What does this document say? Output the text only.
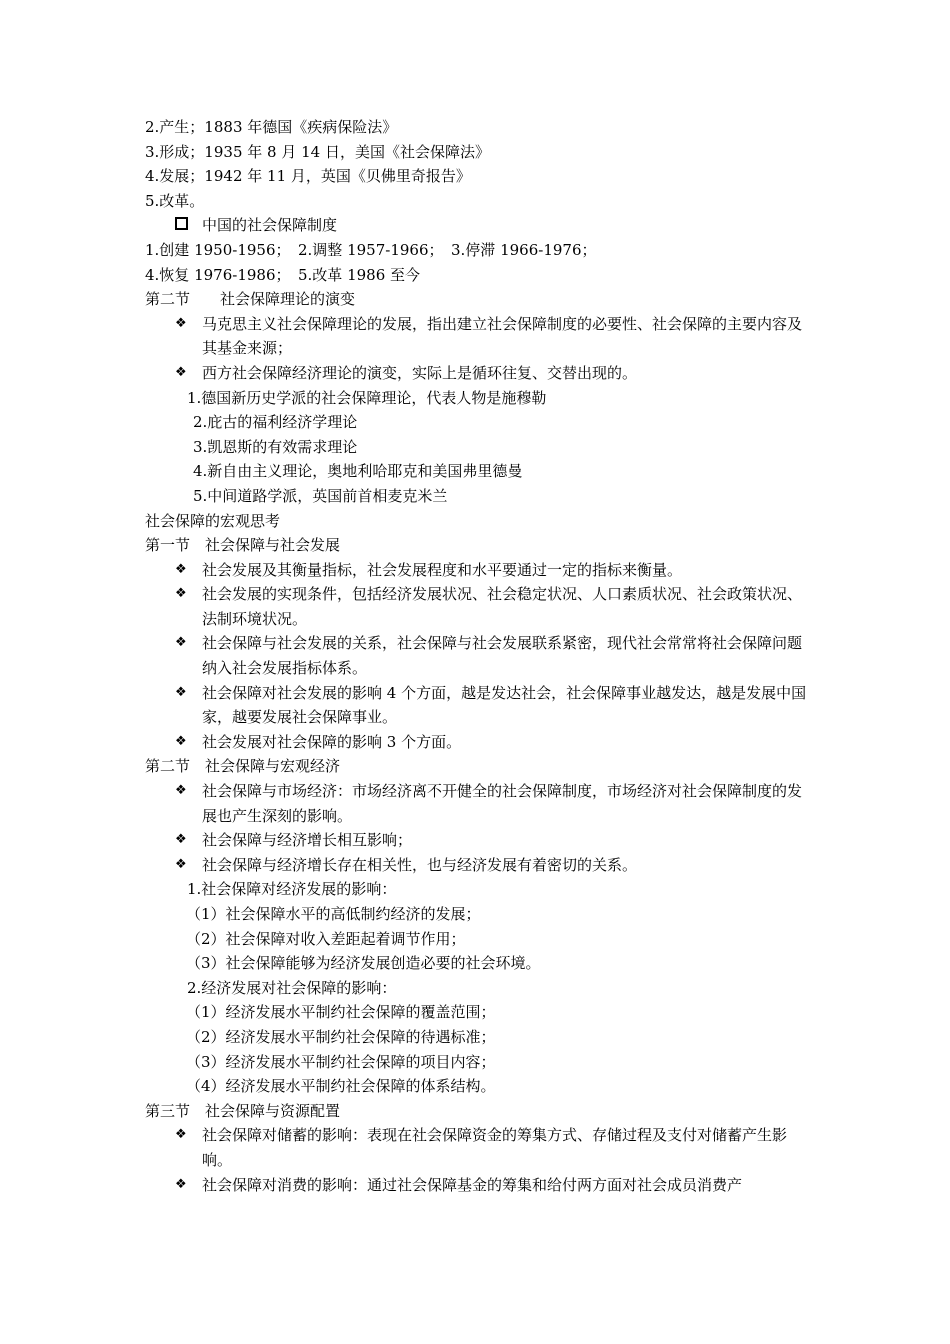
2.产生；1883 年德国《疾病保险法》
3.形成；1935 年 8 月 14 日，美国《社会保障法》
4.发展；1942 年 11 月，英国《贝佛里奇报告》
5.改革。
中国的社会保障制度
1.创建 1950-1956；　2.调整 1957-1966；　3.停滞 1966-1976；
4.恢复 1976-1986；　5.改革 1986 至今
第二节　　社会保障理论的演变
❖ 马克思主义社会保障理论的发展，指出建立社会保障制度的必要性、社会保障的主要内容及其基金来源；
❖ 西方社会保障经济理论的演变，实际上是循环往复、交替出现的。
1.德国新历史学派的社会保障理论，代表人物是施穆勒
2.庇古的福利经济学理论
3.凯恩斯的有效需求理论
4.新自由主义理论，奥地利哈耶克和美国弗里德曼
5.中间道路学派，英国前首相麦克米兰
社会保障的宏观思考
第一节　社会保障与社会发展
❖ 社会发展及其衡量指标，社会发展程度和水平要通过一定的指标来衡量。
❖ 社会发展的实现条件，包括经济发展状况、社会稳定状况、人口素质状况、社会政策状况、法制环境状况。
❖ 社会保障与社会发展的关系，社会保障与社会发展联系紧密，现代社会常常将社会保障问题纳入社会发展指标体系。
❖ 社会保障对社会发展的影响 4 个方面，越是发达社会，社会保障事业越发达，越是发展中国家，越要发展社会保障事业。
❖ 社会发展对社会保障的影响 3 个方面。
第二节　社会保障与宏观经济
❖ 社会保障与市场经济：市场经济离不开健全的社会保障制度，市场经济对社会保障制度的发展也产生深刻的影响。
❖ 社会保障与经济增长相互影响；
❖ 社会保障与经济增长存在相关性，也与经济发展有着密切的关系。
1.社会保障对经济发展的影响：
（1）社会保障水平的高低制约经济的发展；
（2）社会保障对收入差距起着调节作用；
（3）社会保障能够为经济发展创造必要的社会环境。
2.经济发展对社会保障的影响：
（1）经济发展水平制约社会保障的覆盖范围；
（2）经济发展水平制约社会保障的待遇标准；
（3）经济发展水平制约社会保障的项目内容；
（4）经济发展水平制约社会保障的体系结构。
第三节　社会保障与资源配置
❖ 社会保障对储蓄的影响：表现在社会保障资金的筹集方式、存储过程及支付对储蓄产生影响。
❖ 社会保障对消费的影响：通过社会保障基金的筹集和给付两方面对社会成员消费产
